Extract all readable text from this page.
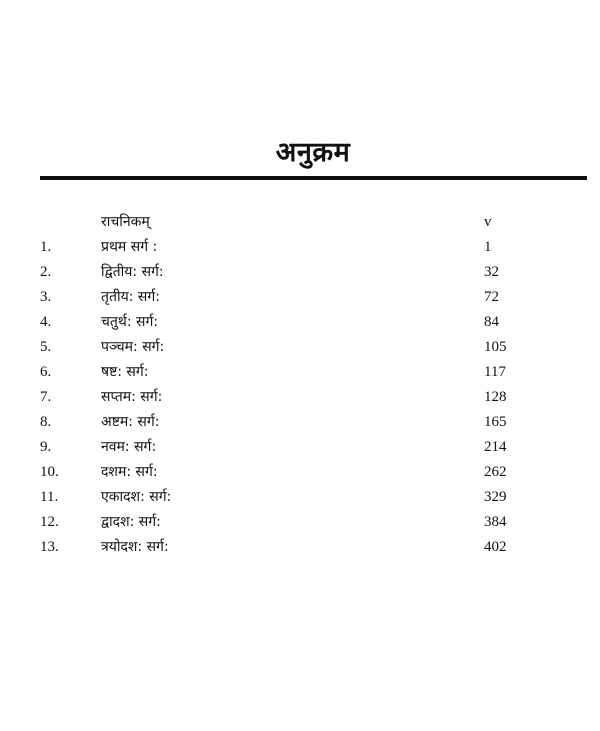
अनुक्रम
राचनिकम्	v
1.	प्रथम सर्ग :	1
2.	द्वितीय: सर्ग:	32
3.	तृतीय: सर्ग:	72
4.	चतुर्थ: सर्ग:	84
5.	पञ्चम: सर्ग:	105
6.	षष्ट: सर्ग:	117
7.	सप्तम: सर्ग:	128
8.	अष्टम: सर्ग:	165
9.	नवम: सर्ग:	214
10.	दशम: सर्ग:	262
11.	एकादश: सर्ग:	329
12.	द्वादश: सर्ग:	384
13.	त्रयोदश: सर्ग:	402
